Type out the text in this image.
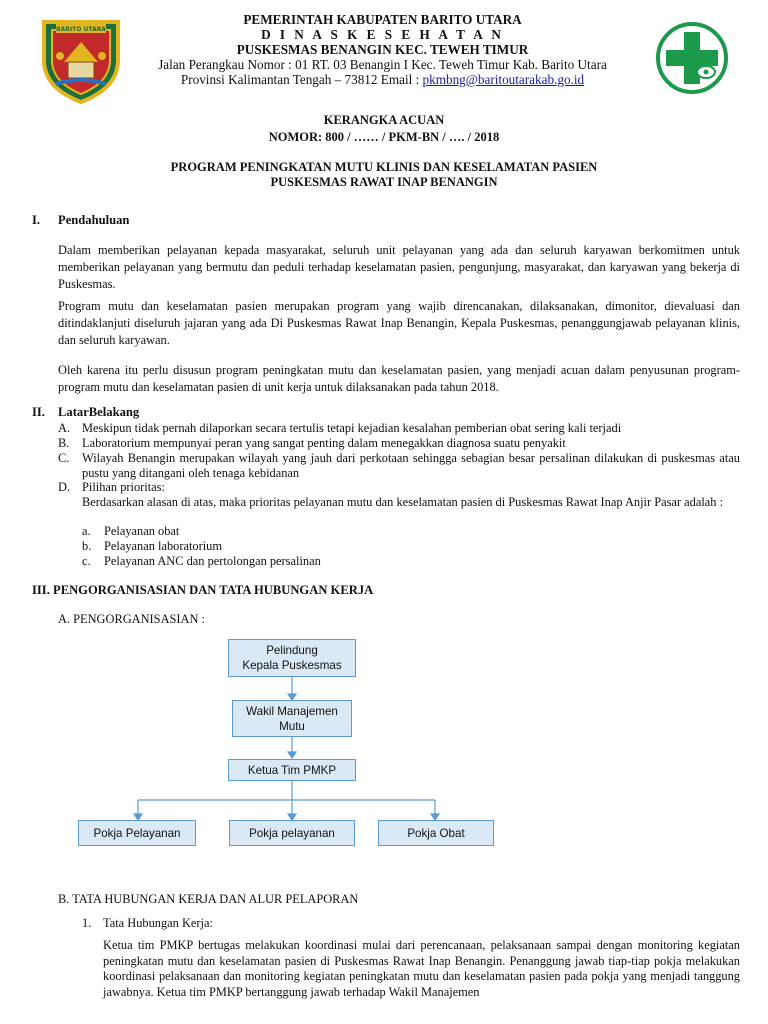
BARITO UTARA
PEMERINTAH KABUPATEN BARITO UTARA
D I N A S K E S E H A T A N
PUSKESMAS BENANGIN KEC. TEWEH TIMUR
Jalan Perangkau Nomor : 01 RT. 03 Benangin I Kec. Teweh Timur Kab. Barito Utara
Provinsi Kalimantan Tengah – 73812 Email : pkmbng@baritoutarakab.go.id
KERANGKA ACUAN
NOMOR: 800 / …… / PKM-BN / …. / 2018
PROGRAM PENINGKATAN MUTU KLINIS DAN KESELAMATAN PASIEN
PUSKESMAS RAWAT INAP BENANGIN
I. Pendahuluan

Dalam memberikan pelayanan kepada masyarakat, seluruh unit pelayanan yang ada dan seluruh karyawan berkomitmen untuk memberikan pelayanan yang bermutu dan peduli terhadap keselamatan pasien, pengunjung, masyarakat, dan karyawan yang bekerja di Puskesmas.

Program mutu dan keselamatan pasien merupakan program yang wajib direncanakan, dilaksanakan, dimonitor, dievaluasi dan ditindaklanjuti diseluruh jajaran yang ada Di Puskesmas Rawat Inap Benangin, Kepala Puskesmas, penanggungjawab pelayanan klinis, dan seluruh karyawan.

Oleh karena itu perlu disusun program peningkatan mutu dan keselamatan pasien, yang menjadi acuan dalam penyusunan program-program mutu dan keselamatan pasien di unit kerja untuk dilaksanakan pada tahun 2018.

II. LatarBelakang
A. Meskipun tidak pernah dilaporkan secara tertulis tetapi kejadian kesalahan pemberian obat sering kali terjadi
B. Laboratorium mempunyai peran yang sangat penting dalam menegakkan diagnosa suatu penyakit
C. Wilayah Benangin merupakan wilayah yang jauh dari perkotaan sehingga sebagian besar persalinan dilakukan di puskesmas atau pustu yang ditangani oleh tenaga kebidanan
D. Pilihan prioritas:
Berdasarkan alasan di atas, maka prioritas pelayanan mutu dan keselamatan pasien di Puskesmas Rawat Inap Anjir Pasar adalah :
a. Pelayanan obat
b. Pelayanan laboratorium
c. Pelayanan ANC dan pertolongan persalinan
III. PENGORGANISASIAN DAN TATA HUBUNGAN KERJA
A. PENGORGANISASIAN :
Pelindung
Kepala Puskesmas
Wakil Manajemen
Mutu
Ketua Tim PMKP
Pokja Pelayanan	Pokja pelayanan	Pokja Obat
B. TATA HUBUNGAN KERJA DAN ALUR PELAPORAN
1. Tata Hubungan Kerja:

Ketua tim PMKP bertugas melakukan koordinasi mulai dari perencanaan, pelaksanaan sampai dengan monitoring kegiatan peningkatan mutu dan keselamatan pasien di Puskesmas Rawat Inap Benangin. Penanggung jawab tiap-tiap pokja melakukan koordinasi pelaksanaan dan monitoring kegiatan peningkatan mutu dan keselamatan pasien pada pokja yang menjadi tanggung jawabnya. Ketua tim PMKP bertanggung jawab terhadap Wakil Manajemen
